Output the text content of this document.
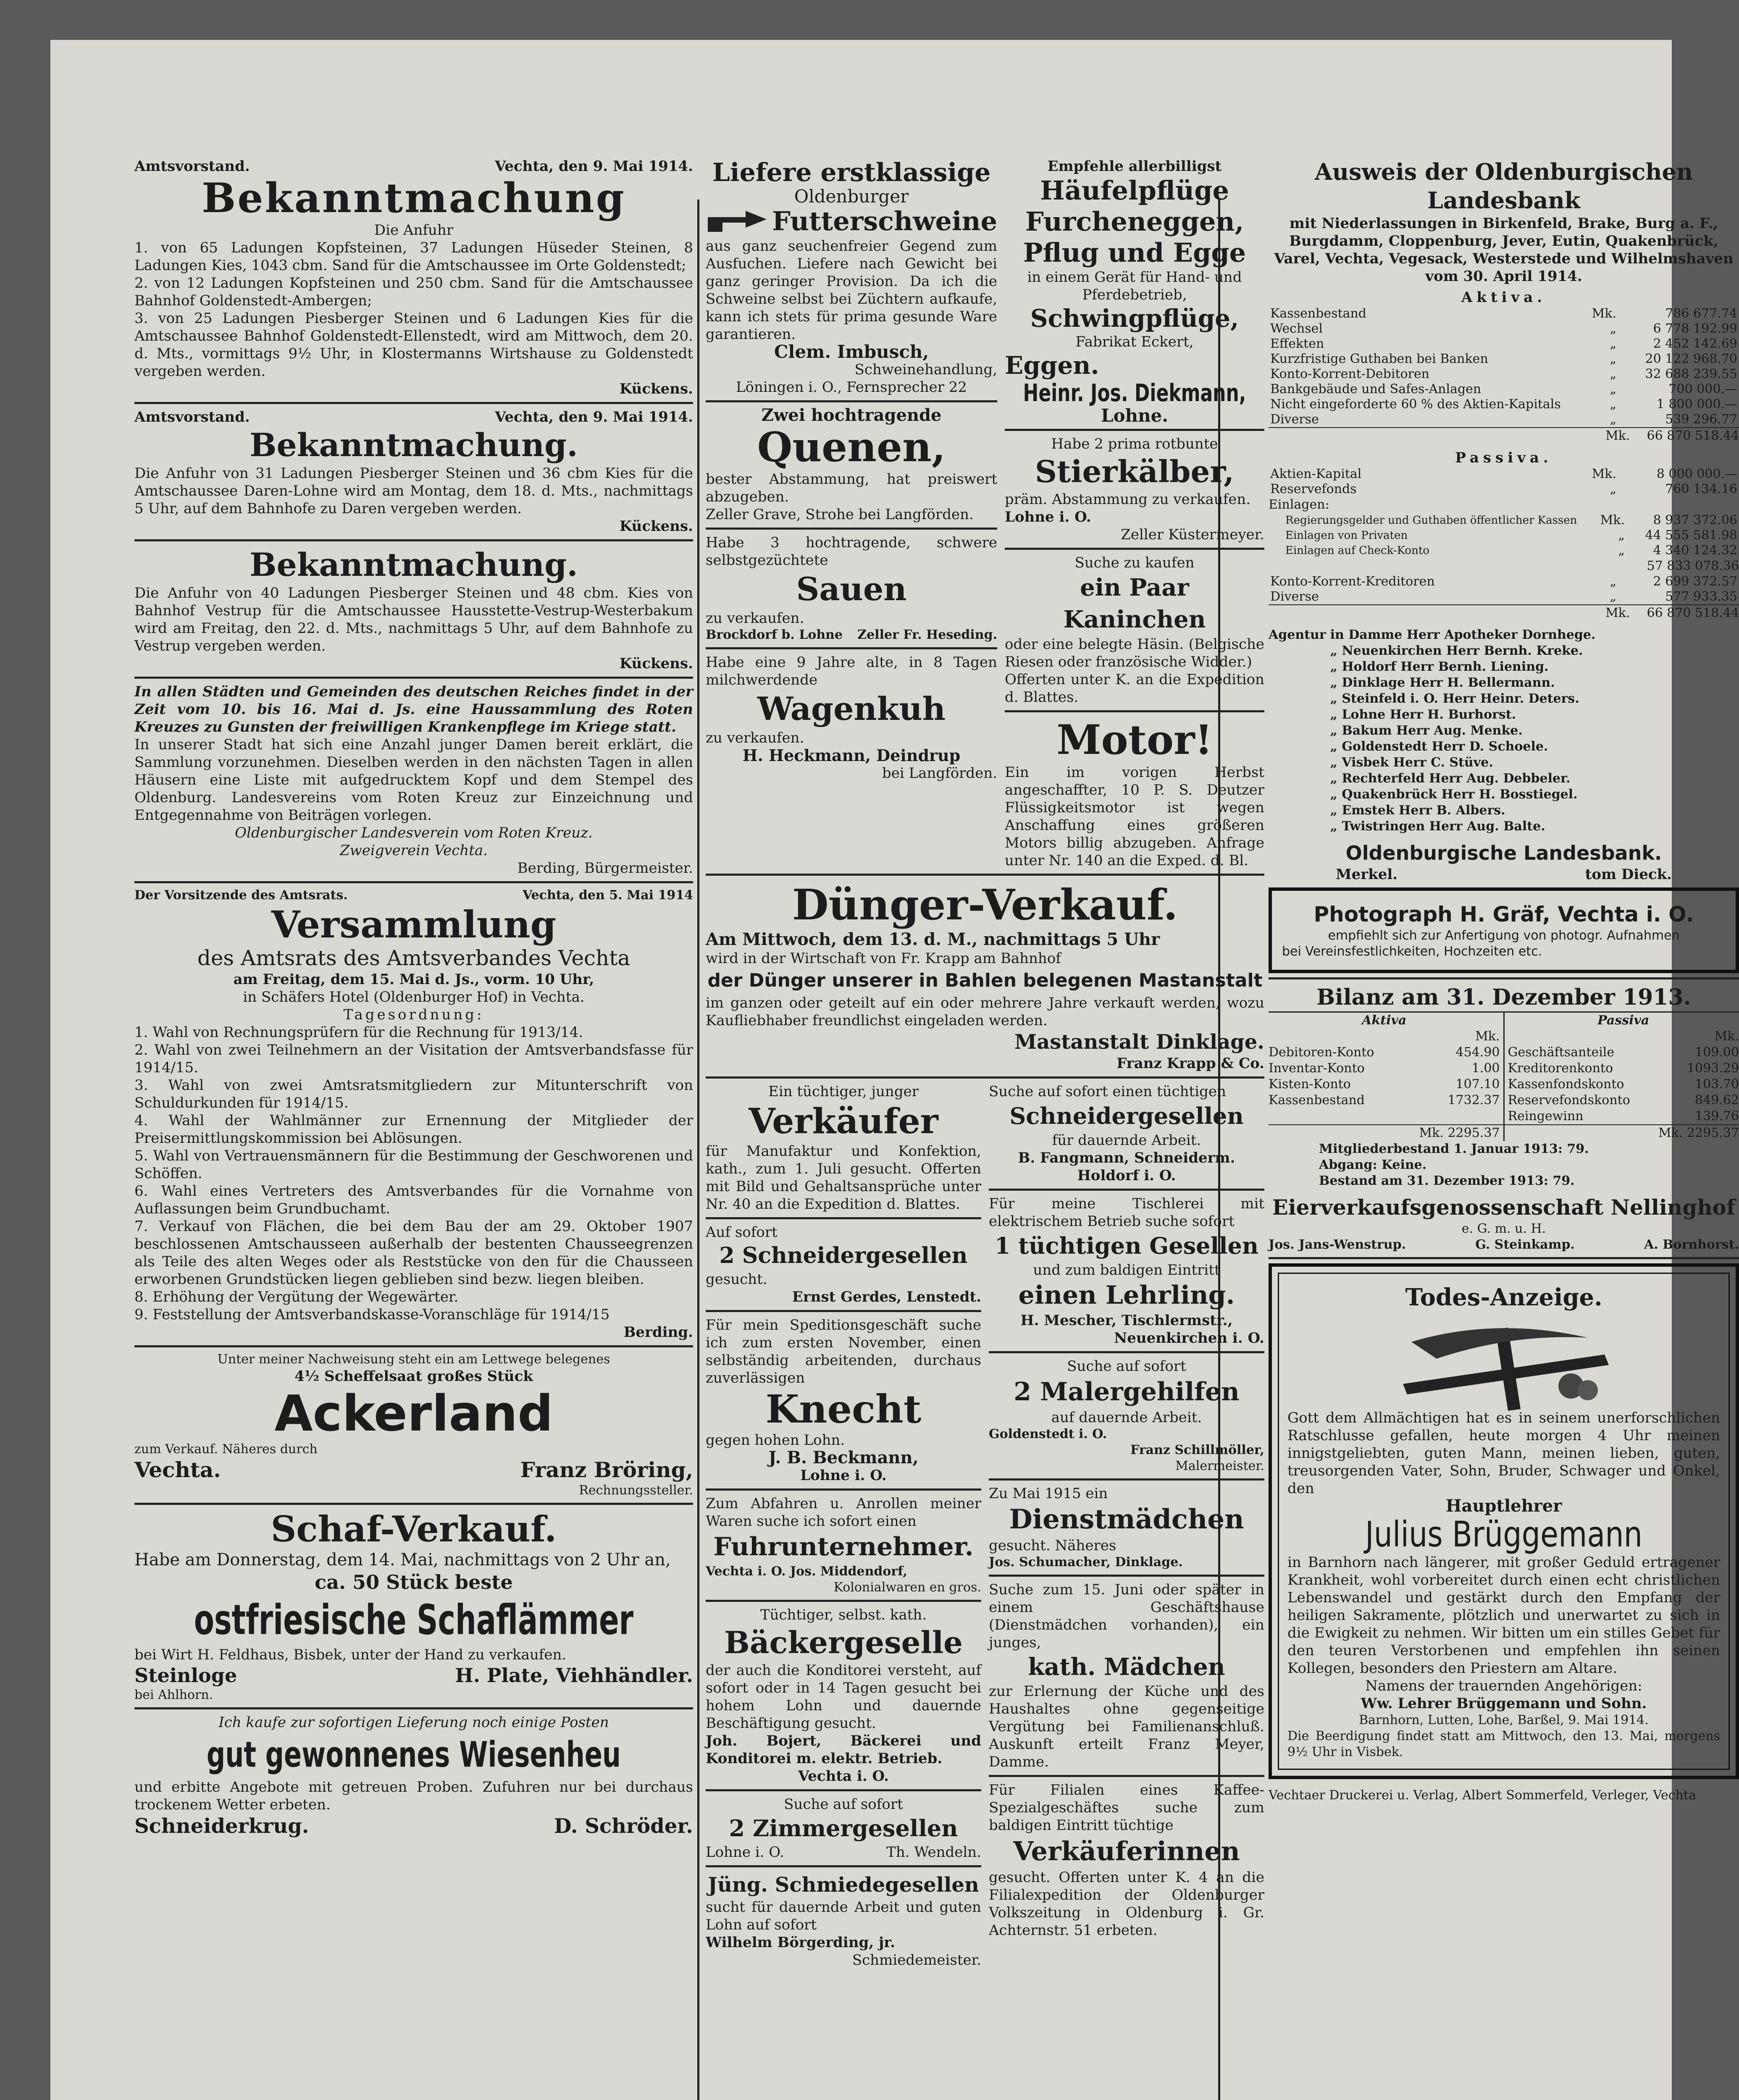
Amtsvorstand.	Vechta, den 9. Mai 1914.

Bekanntmachung

Die Anfuhr

1. von 65 Ladungen Kopfsteinen, 37 Ladungen Hüseder Steinen, 8 Ladungen Kies, 1043 cbm. Sand für die Amtschaussee im Orte Goldenstedt;

2. von 12 Ladungen Kopfsteinen und 250 cbm. Sand für die Amtschaussee Bahnhof Goldenstedt-Ambergen;

3. von 25 Ladungen Piesberger Steinen und 6 Ladungen Kies für die Amtschaussee Bahnhof Goldenstedt-Ellenstedt, wird am Mittwoch, dem 20. d. Mts., vormittags 9½ Uhr, in Klostermanns Wirtshause zu Goldenstedt vergeben werden.

Kückens.

Amtsvorstand.	Vechta, den 9. Mai 1914.

Bekanntmachung.

Die Anfuhr von 31 Ladungen Piesberger Steinen und 36 cbm Kies für die Amtschaussee Daren-Lohne wird am Montag, dem 18. d. Mts., nachmittags 5 Uhr, auf dem Bahnhofe zu Daren vergeben werden.

Kückens.

Bekanntmachung.

Die Anfuhr von 40 Ladungen Piesberger Steinen und 48 cbm. Kies von Bahnhof Vestrup für die Amtschaussee Hausstette-Vestrup-Westerbakum wird am Freitag, den 22. d. Mts., nachmittags 5 Uhr, auf dem Bahnhofe zu Vestrup vergeben werden.

Kückens.

In allen Städten und Gemeinden des deutschen Reiches findet in der Zeit vom 10. bis 16. Mai d. Js. eine Haussammlung des Roten Kreuzes zu Gunsten der freiwilligen Krankenpflege im Kriege statt.

In unserer Stadt hat sich eine Anzahl junger Damen bereit erklärt, die Sammlung vorzunehmen. Dieselben werden in den nächsten Tagen in allen Häusern eine Liste mit aufgedrucktem Kopf und dem Stempel des Oldenburg. Landesvereins vom Roten Kreuz zur Einzeichnung und Entgegennahme von Beiträgen vorlegen.

Oldenburgischer Landesverein vom Roten Kreuz.

Zweigverein Vechta.

Berding, Bürgermeister.

Der Vorsitzende des Amtsrats.	Vechta, den 5. Mai 1914

Versammlung

des Amtsrats des Amtsverbandes Vechta

am Freitag, dem 15. Mai d. Js., vorm. 10 Uhr,

in Schäfers Hotel (Oldenburger Hof) in Vechta.

Tagesordnung:

1. Wahl von Rechnungsprüfern für die Rechnung für 1913/14.

2. Wahl von zwei Teilnehmern an der Visitation der Amtsverbandsfasse für 1914/15.

3. Wahl von zwei Amtsratsmitgliedern zur Mitunterschrift von Schuldurkunden für 1914/15.

4. Wahl der Wahlmänner zur Ernennung der Mitglieder der Preisermittlungskommission bei Ablösungen.

5. Wahl von Vertrauensmännern für die Bestimmung der Geschworenen und Schöffen.

6. Wahl eines Vertreters des Amtsverbandes für die Vornahme von Auflassungen beim Grundbuchamt.

7. Verkauf von Flächen, die bei dem Bau der am 29. Oktober 1907 beschlossenen Amtschausseen außerhalb der bestenten Chausseegrenzen als Teile des alten Weges oder als Reststücke von den für die Chausseen erworbenen Grundstücken liegen geblieben sind bezw. liegen bleiben.

8. Erhöhung der Vergütung der Wegewärter.

9. Feststellung der Amtsverbandskasse-Voranschläge für 1914/15

Berding.

Unter meiner Nachweisung steht ein am Lettwege belegenes

4½ Scheffelsaat großes Stück

Ackerland

zum Verkauf. Näheres durch

Vechta.	Franz Bröring,

Rechnungssteller.

Schaf-Verkauf.

Habe am Donnerstag, dem 14. Mai, nachmittags von 2 Uhr an,

ca. 50 Stück beste

ostfriesische Schaflämmer

bei Wirt H. Feldhaus, Bisbek, unter der Hand zu verkaufen.

Steinloge	H. Plate, Viehhändler.

bei Ahlhorn.

Ich kaufe zur sofortigen Lieferung noch einige Posten

gut gewonnenes Wiesenheu

und erbitte Angebote mit getreuen Proben. Zufuhren nur bei durchaus trockenem Wetter erbeten.

Schneiderkrug.	D. Schröder.

Liefere erstklassige

Oldenburger

Futterschweine

aus ganz seuchenfreier Gegend zum Ausfuchen. Liefere nach Gewicht bei ganz geringer Provision. Da ich die Schweine selbst bei Züchtern aufkaufe, kann ich stets für prima gesunde Ware garantieren.

Clem. Imbusch,

Schweinehandlung,

Löningen i. O., Fernsprecher 22

Zwei hochtragende

Quenen,

bester Abstammung, hat preiswert abzugeben.

Zeller Grave, Strohe bei Langförden.

Habe 3 hochtragende, schwere selbstgezüchtete

Sauen

zu verkaufen.

Brockdorf b. Lohne Zeller Fr. Heseding.

Habe eine 9 Jahre alte, in 8 Tagen milchwerdende

Wagenkuh

zu verkaufen.

H. Heckmann, Deindrup

bei Langförden.

Empfehle allerbilligst

Häufelpflüge

Furcheneggen,

Pflug und Egge

in einem Gerät für Hand- und Pferdebetrieb,

Schwingpflüge,

Fabrikat Eckert,

Eggen.

Heinr. Jos. Diekmann,

Lohne.

Habe 2 prima rotbunte

Stierkälber,

präm. Abstammung zu verkaufen.

Lohne i. O.

Zeller Küstermeyer.

Suche zu kaufen

ein Paar Kaninchen

oder eine belegte Häsin. (Belgische Riesen oder französische Widder.)

Offerten unter K. an die Expedition d. Blattes.

Motor!

Ein im vorigen Herbst angeschaffter, 10 P. S. Deutzer Flüssigkeitsmotor ist wegen Anschaffung eines größeren Motors billig abzugeben. Anfrage unter Nr. 140 an die Exped. d. Bl.

Dünger-Verkauf.

Am Mittwoch, dem 13. d. M., nachmittags 5 Uhr

wird in der Wirtschaft von Fr. Krapp am Bahnhof

der Dünger unserer in Bahlen belegenen Mastanstalt

im ganzen oder geteilt auf ein oder mehrere Jahre verkauft werden, wozu Kaufliebhaber freundlichst eingeladen werden.

Mastanstalt Dinklage.

Franz Krapp & Co.

Ein tüchtiger, junger

Verkäufer

für Manufaktur und Konfektion, kath., zum 1. Juli gesucht. Offerten mit Bild und Gehaltsansprüche unter Nr. 40 an die Expedition d. Blattes.

Auf sofort

2 Schneidergesellen

gesucht.

Ernst Gerdes, Lenstedt.

Für mein Speditionsgeschäft suche ich zum ersten November, einen selbständig arbeitenden, durchaus zuverlässigen

Knecht

gegen hohen Lohn.

J. B. Beckmann,

Lohne i. O.

Zum Abfahren u. Anrollen meiner Waren suche ich sofort einen

Fuhrunternehmer.

Vechta i. O. Jos. Middendorf,

Kolonialwaren en gros.

Tüchtiger, selbst. kath.

Bäckergeselle

der auch die Konditorei versteht, auf sofort oder in 14 Tagen gesucht bei hohem Lohn und dauernde Beschäftigung gesucht.

Joh. Bojert, Bäckerei und Konditorei m. elektr. Betrieb.

Vechta i. O.

Suche auf sofort

2 Zimmergesellen

Lohne i. O.	Th. Wendeln.

Jüng. Schmiedegesellen

sucht für dauernde Arbeit und guten Lohn auf sofort

Wilhelm Börgerding, jr.

Schmiedemeister.

Suche auf sofort einen tüchtigen

Schneidergesellen

für dauernde Arbeit.

B. Fangmann, Schneiderm.

Holdorf i. O.

Für meine Tischlerei mit elektrischem Betrieb suche sofort

1 tüchtigen Gesellen

und zum baldigen Eintritt

einen Lehrling.

H. Mescher, Tischlermstr.,

Neuenkirchen i. O.

Suche auf sofort

2 Malergehilfen

auf dauernde Arbeit.

Goldenstedt i. O.

Franz Schillmöller,

Malermeister.

Zu Mai 1915 ein

Dienstmädchen

gesucht. Näheres

Jos. Schumacher, Dinklage.

Suche zum 15. Juni oder später in einem Geschäftshause (Dienstmädchen vorhanden), ein junges,

kath. Mädchen

zur Erlernung der Küche und des Haushaltes ohne gegenseitige Vergütung bei Familienanschluß. Auskunft erteilt Franz Meyer, Damme.

Für Filialen eines Kaffee-Spezialgeschäftes suche zum baldigen Eintritt tüchtige

Verkäuferinnen

gesucht. Offerten unter K. 4 an die Filialexpedition der Oldenburger Volkszeitung in Oldenburg i. Gr. Achternstr. 51 erbeten.

Ausweis der Oldenburgischen Landesbank

mit Niederlassungen in Birkenfeld, Brake, Burg a. F., Burgdamm, Cloppenburg, Jever, Eutin, Quakenbrück, Varel, Vechta, Vegesack, Westerstede und Wilhelmshaven

vom 30. April 1914.

Aktiva.

Kassenbestand	Mk.	786 677.74
Wechsel	„	6 778 192.99
Effekten	„	2 452 142.69
Kurzfristige Guthaben bei Banken	„	20 122 968.70
Konto-Korrent-Debitoren	„	32 688 239.55
Bankgebäude und Safes-Anlagen	„	700 000.—
Nicht eingeforderte 60 % des Aktien-Kapitals	„	1 800 000.—
Diverse	„	539 296.77
Mk. 66 870 518.44

Passiva.

Aktien-Kapital	Mk.	8 000 000.—
Reservefonds	„	760 134.16

Einlagen:

Regierungsgelder und Guthaben öffentlicher Kassen	Mk.	8 937 372.06
Einlagen von Privaten	„	44 555 581.98
Einlagen auf Check-Konto	„	4 340 124.32
57 833 078.36
Konto-Korrent-Kreditoren	„	2 699 372.57
Diverse	„	577 933.35
Mk. 66 870 518.44

Agentur in Damme Herr Apotheker Dornhege.

„ Neuenkirchen Herr Bernh. Kreke.

„ Holdorf Herr Bernh. Liening.

„ Dinklage Herr H. Bellermann.

„ Steinfeld i. O. Herr Heinr. Deters.

„ Lohne Herr H. Burhorst.

„ Bakum Herr Aug. Menke.

„ Goldenstedt Herr D. Schoele.

„ Visbek Herr C. Stüve.

„ Rechterfeld Herr Aug. Debbeler.

„ Quakenbrück Herr H. Bosstiegel.

„ Emstek Herr B. Albers.

„ Twistringen Herr Aug. Balte.

Oldenburgische Landesbank.

Merkel.	tom Dieck.

Photograph H. Gräf, Vechta i. O.

empfiehlt sich zur Anfertigung von photogr. Aufnahmen

bei Vereinsfestlichkeiten, Hochzeiten etc.

Bilanz am 31. Dezember 1913.

Aktiva

Mk.

Debitoren-Konto	454.90
Inventar-Konto	1.00
Kisten-Konto	107.10
Kassenbestand	1732.37

Passiva

Mk.

Geschäftsanteile	109.00
Kreditorenkonto	1093.29
Kassenfondskonto	103.70
Reservefondskonto	849.62
Reingewinn	139.76

Mk. 2295.37	Mk. 2295.37

Mitgliederbestand 1. Januar 1913: 79.

Abgang: Keine.

Bestand am 31. Dezember 1913: 79.

Eierverkaufsgenossenschaft Nellinghof

e. G. m. u. H.

Jos. Jans-Wenstrup.	G. Steinkamp.	A. Bornhorst.

Todes-Anzeige.

Gott dem Allmächtigen hat es in seinem unerforschlichen Ratschlusse gefallen, heute morgen 4 Uhr meinen innigstgeliebten, guten Mann, meinen lieben, guten, treusorgenden Vater, Sohn, Bruder, Schwager und Onkel, den

Hauptlehrer

Julius Brüggemann

in Barnhorn nach längerer, mit großer Geduld ertragener Krankheit, wohl vorbereitet durch einen echt christlichen Lebenswandel und gestärkt durch den Empfang der heiligen Sakramente, plötzlich und unerwartet zu sich in die Ewigkeit zu nehmen. Wir bitten um ein stilles Gebet für den teuren Verstorbenen und empfehlen ihn seinen Kollegen, besonders den Priestern am Altare.

Namens der trauernden Angehörigen:

Ww. Lehrer Brüggemann und Sohn.

Barnhorn, Lutten, Lohe, Barßel, 9. Mai 1914.

Die Beerdigung findet statt am Mittwoch, den 13. Mai, morgens 9½ Uhr in Visbek.

Vechtaer Druckerei u. Verlag, Albert Sommerfeld, Verleger, Vechta
